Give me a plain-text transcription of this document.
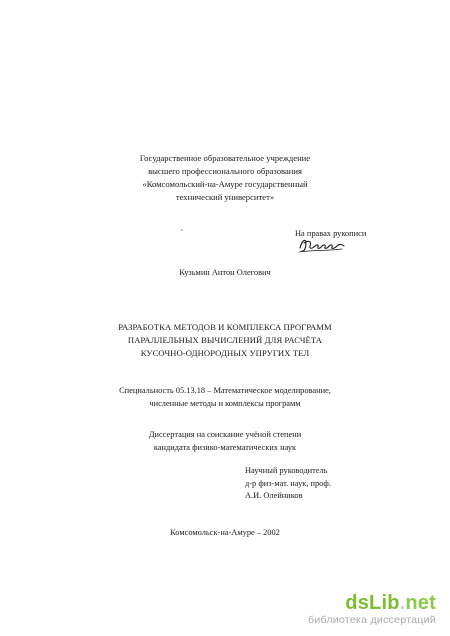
Государственное образовательное учреждение
высшего профессионального образования
«Комсомольский-на-Амуре государственный
технический университет»
На правах рукописи
Кузьмин Антон Олегович
РАЗРАБОТКА МЕТОДОВ И КОМПЛЕКСА ПРОГРАММ
ПАРАЛЛЕЛЬНЫХ ВЫЧИСЛЕНИЙ ДЛЯ РАСЧЁТА
КУСОЧНО-ОДНОРОДНЫХ УПРУГИХ ТЕЛ
Специальность 05.13.18 – Математическое моделирование,
численные методы и комплексы программ
Диссертация на соискание учёной степени
кандидата физико-математических наук
Научный руководитель
д-р физ-мат. наук, проф.
А.И. Олейников
Комсомольск-на-Амуре – 2002
dsLib.net
библиотека диссертаций
